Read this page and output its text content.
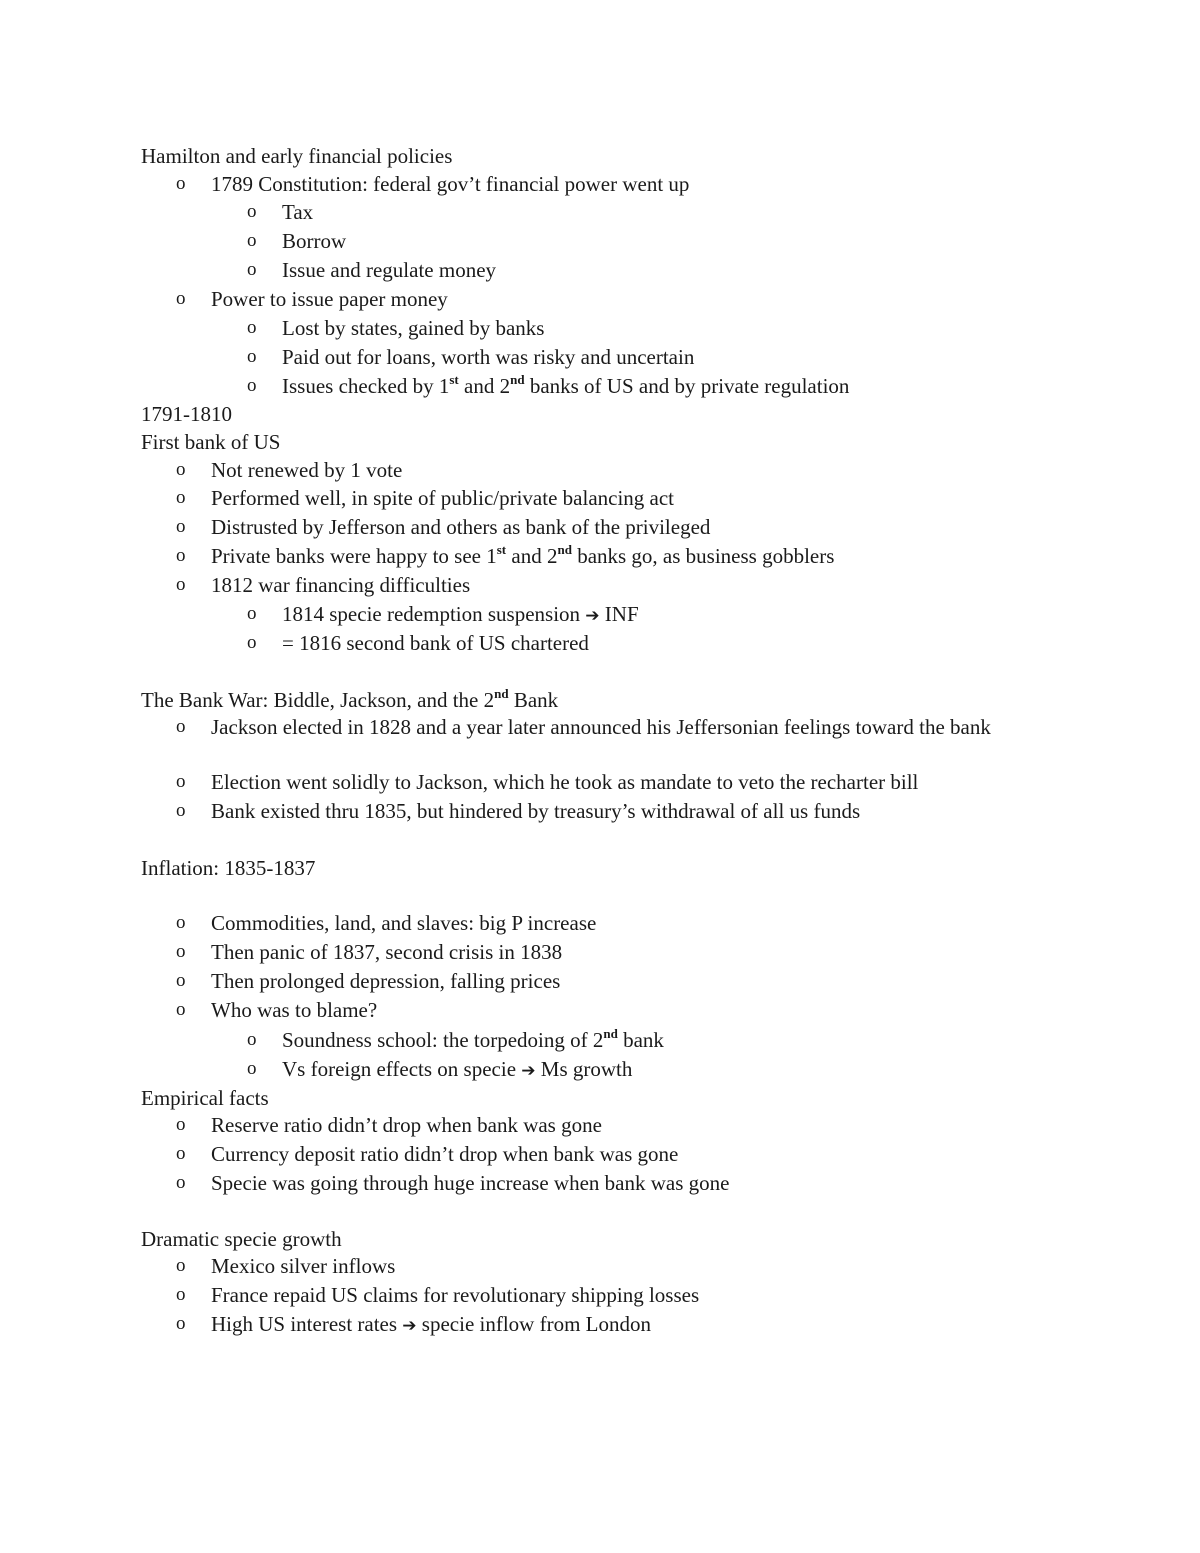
Hamilton and early financial policies
o 1789 Constitution: federal gov’t financial power went up
o Tax
o Borrow
o Issue and regulate money
o Power to issue paper money
o Lost by states, gained by banks
o Paid out for loans, worth was risky and uncertain
o Issues checked by 1st and 2nd banks of US and by private regulation
1791-1810
First bank of US
o Not renewed by 1 vote
o Performed well, in spite of public/private balancing act
o Distrusted by Jefferson and others as bank of the privileged
o Private banks were happy to see 1st and 2nd banks go, as business gobblers
o 1812 war financing difficulties
o 1814 specie redemption suspension ➔ INF
o = 1816 second bank of US chartered
The Bank War: Biddle, Jackson, and the 2nd Bank
o Jackson elected in 1828 and a year later announced his Jeffersonian feelings toward the bank
o Election went solidly to Jackson, which he took as mandate to veto the recharter bill
o Bank existed thru 1835, but hindered by treasury’s withdrawal of all us funds
Inflation: 1835-1837
o Commodities, land, and slaves: big P increase
o Then panic of 1837, second crisis in 1838
o Then prolonged depression, falling prices
o Who was to blame?
o Soundness school: the torpedoing of 2nd bank
o Vs foreign effects on specie ➔ Ms growth
Empirical facts
o Reserve ratio didn’t drop when bank was gone
o Currency deposit ratio didn’t drop when bank was gone
o Specie was going through huge increase when bank was gone
Dramatic specie growth
o Mexico silver inflows
o France repaid US claims for revolutionary shipping losses
o High US interest rates ➔ specie inflow from London
